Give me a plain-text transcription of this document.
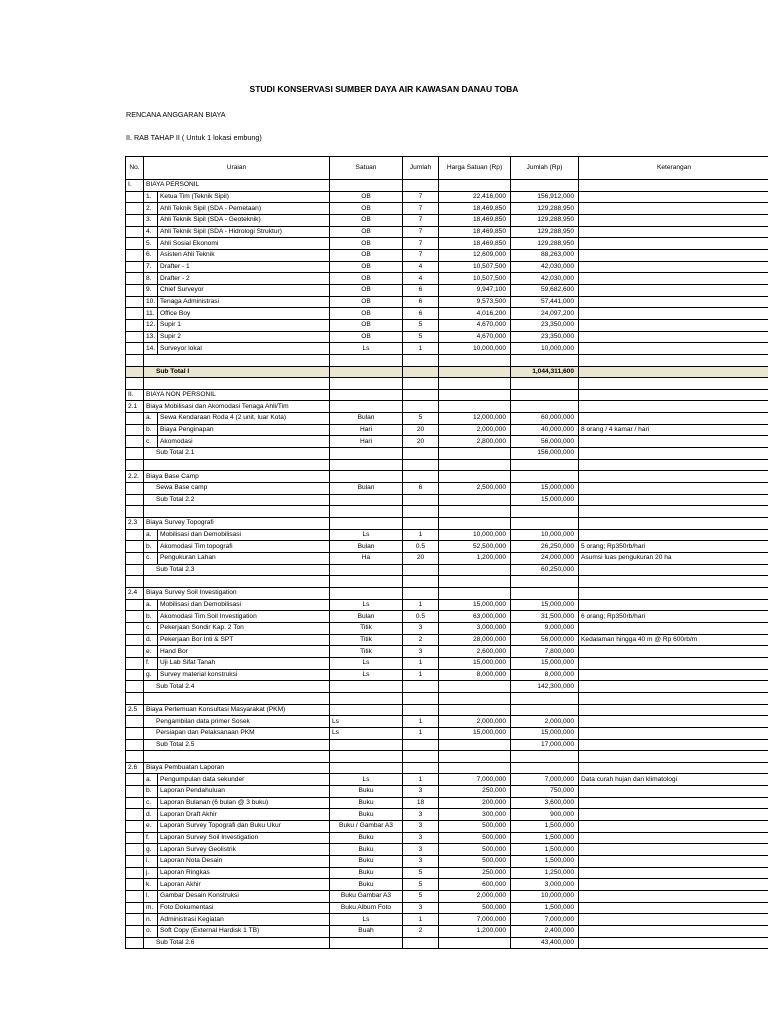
STUDI KONSERVASI SUMBER DAYA AIR KAWASAN DANAU TOBA
RENCANA ANGGARAN BIAYA
II. RAB TAHAP II ( Untuk 1 lokasi embung)
No.	Uraian		Satuan	Jumlah	Harga Satuan (Rp)	Jumlah (Rp)	Keterangan
I.	BIAYA PERSONIL						
	1.	Ketua Tim (Teknik Sipil)	OB	7	22,416,000	156,912,000	
	2.	Ahli Teknik Sipil (SDA - Pemetaan)	OB	7	18,469,850	129,288,950	
	3.	Ahli Teknik Sipil (SDA - Geoteknik)	OB	7	18,469,850	129,288,950	
	4.	Ahli Teknik Sipil (SDA - Hidrologi Struktur)	OB	7	18,469,850	129,288,950	
	5.	Ahli Sosial Ekonomi	OB	7	18,469,850	129,288,950	
	6.	Asisten Ahli Teknik	OB	7	12,609,000	88,263,000	
	7.	Drafter - 1	OB	4	10,507,500	42,030,000	
	8.	Drafter - 2	OB	4	10,507,500	42,030,000	
	9.	Chief Surveyor	OB	6	9,947,100	59,682,600	
	10.	Tenaga Administrasi	OB	6	9,573,500	57,441,000	
	11.	Office Boy	OB	6	4,016,200	24,097,200	
	12.	Supir 1	OB	5	4,670,000	23,350,000	
	13.	Supir 2	OB	5	4,670,000	23,350,000	
	14.	Surveyor lokal	Ls	1	10,000,000	10,000,000	

	Sub Total I					1,044,311,600	

II.	BIAYA NON PERSONIL						
2.1	Biaya Mobilisasi dan Akomodasi Tenaga Ahli/Tim						
	a.	Sewa Kendaraan Roda 4 (2 unit, luar Kota)	Bulan	5	12,000,000	60,000,000	
	b.	Biaya Penginapan	Hari	20	2,000,000	40,000,000	8 orang / 4 kamar / hari
	c.	Akomodasi	Hari	20	2,800,000	56,000,000	
	Sub Total 2.1					156,000,000	

2.2.	Biaya Base Camp						
	Sewa Base camp		Bulan	6	2,500,000	15,000,000	
	Sub Total 2.2					15,000,000	

2.3	Biaya Survey Topografi						
	a.	Mobilisasi dan Demobilisasi	Ls	1	10,000,000	10,000,000	
	b.	Akomodasi Tim topografi	Bulan	0.5	52,500,000	26,250,000	5 orang; Rp350rb/hari
	c.	Pengukuran Lahan	Ha	20	1,200,000	24,000,000	Asumsi luas pengukuran 20 ha
	Sub Total 2.3					60,250,000	

2.4	Biaya Survey Soil Investigation						
	a.	Mobilisasi dan Demobilisasi	Ls	1	15,000,000	15,000,000	
	b.	Akomodasi Tim Soil Investigation	Bulan	0.5	63,000,000	31,500,000	6 orang; Rp350rb/hari
	c.	Pekerjaan Sondir Kap. 2 Ton	Titik	3	3,000,000	9,000,000	
	d.	Pekerjaan Bor Inti & SPT	Titik	2	28,000,000	56,000,000	Kedalaman hingga 40 m @ Rp 600rb/m
	e.	Hand Bor	Titik	3	2,600,000	7,800,000	
	f.	Uji Lab Sifat Tanah	Ls	1	15,000,000	15,000,000	
	g.	Survey material konstruksi	Ls	1	8,000,000	8,000,000	
	Sub Total 2.4					142,300,000	

2.5	Biaya Pertemuan Konsultasi Masyarakat (PKM)						
	Pengambilan data primer Sosek		Ls	1	2,000,000	2,000,000	
	Persiapan dan Pelaksanaan PKM		Ls	1	15,000,000	15,000,000	
	Sub Total 2.5					17,000,000	

2.6	Biaya Pembuatan Laporan						
	a.	Pengumpulan data sekunder	Ls	1	7,000,000	7,000,000	Data curah hujan dan klimatologi
	b.	Laporan Pendahuluan	Buku	3	250,000	750,000	
	c.	Laporan Bulanan (6 bulan @ 3 buku)	Buku	18	200,000	3,600,000	
	d.	Laporan Draft Akhir	Buku	3	300,000	900,000	
	e.	Laporan Survey Topografi dan Buku Ukur	Buku / Gambar A3	3	500,000	1,500,000	
	f.	Laporan Survey Soil Investigation	Buku	3	500,000	1,500,000	
	g.	Laporan Survey Geolistrik	Buku	3	500,000	1,500,000	
	i.	Laporan Nota Desain	Buku	3	500,000	1,500,000	
	j.	Laporan Ringkas	Buku	5	250,000	1,250,000	
	k.	Laporan Akhir	Buku	5	600,000	3,000,000	
	l.	Gambar Desain Konstruksi	Buku Gambar A3	5	2,000,000	10,000,000	
	m.	Foto Dokumentasi	Buku Album Foto	3	500,000	1,500,000	
	n.	Administrasi Kegiatan	Ls	1	7,000,000	7,000,000	
	o.	Soft Copy (External Hardisk 1 TB)	Buah	2	1,200,000	2,400,000	
	Sub Total 2.6					43,400,000	
